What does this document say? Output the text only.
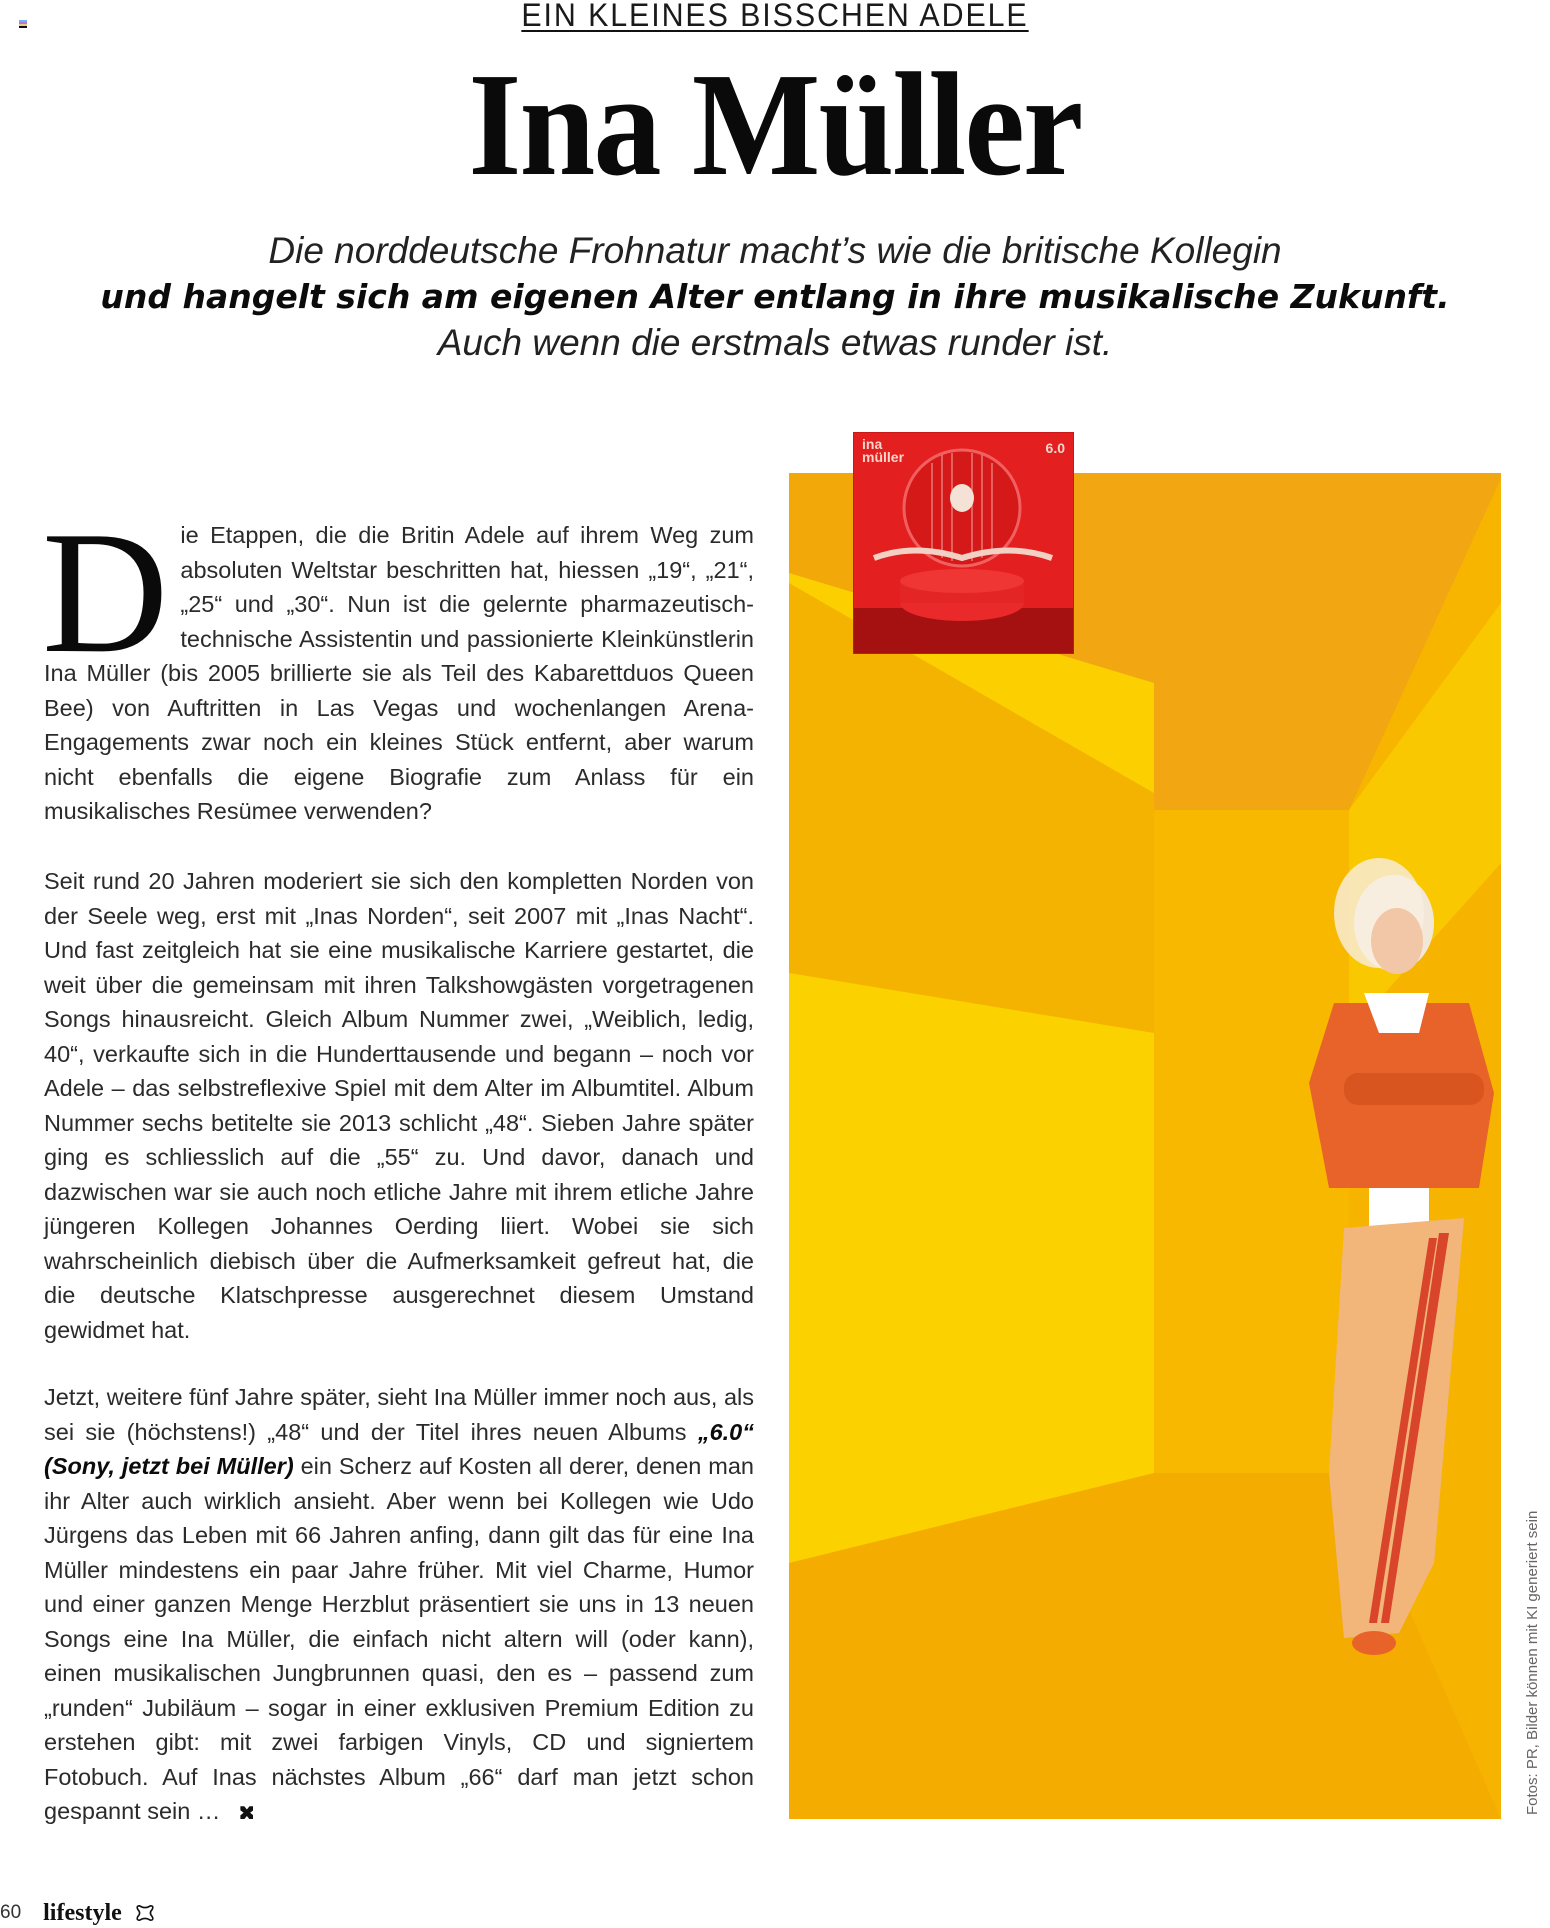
EIN KLEINES BISSCHEN ADELE
Ina Müller
Die norddeutsche Frohnatur macht’s wie die britische Kollegin
und hangelt sich am eigenen Alter entlang in ihre musikalische Zukunft.
Auch wenn die erstmals etwas runder ist.
Die Etappen, die die Britin Adele auf ihrem Weg zum absoluten Weltstar beschritten hat, hiessen „19“, „21“, „25“ und „30“. Nun ist die gelernte pharmazeutisch-technische Assistentin und passionierte Kleinkünstlerin Ina Müller (bis 2005 brillierte sie als Teil des Kabarettduos Queen Bee) von Auftritten in Las Vegas und wochenlangen Arena-Engagements zwar noch ein kleines Stück entfernt, aber warum nicht ebenfalls die eigene Biografie zum Anlass für ein musikalisches Resümee verwenden?
Seit rund 20 Jahren moderiert sie sich den kompletten Norden von der Seele weg, erst mit „Inas Norden“, seit 2007 mit „Inas Nacht“. Und fast zeitgleich hat sie eine musikalische Karriere gestartet, die weit über die gemeinsam mit ihren Talkshowgästen vorgetragenen Songs hinausreicht. Gleich Album Nummer zwei, „Weiblich, ledig, 40“, verkaufte sich in die Hunderttausende und begann – noch vor Adele – das selbstreflexive Spiel mit dem Alter im Albumtitel. Album Nummer sechs betitelte sie 2013 schlicht „48“. Sieben Jahre später ging es schliesslich auf die „55“ zu. Und davor, danach und dazwischen war sie auch noch etliche Jahre mit ihrem etliche Jahre jüngeren Kollegen Johannes Oerding liiert. Wobei sie sich wahrscheinlich diebisch über die Aufmerksamkeit gefreut hat, die die deutsche Klatschpresse ausgerechnet diesem Umstand gewidmet hat.
Jetzt, weitere fünf Jahre später, sieht Ina Müller immer noch aus, als sei sie (höchstens!) „48“ und der Titel ihres neuen Albums „6.0“ (Sony, jetzt bei Müller) ein Scherz auf Kosten all derer, denen man ihr Alter auch wirklich ansieht. Aber wenn bei Kollegen wie Udo Jürgens das Leben mit 66 Jahren anfing, dann gilt das für eine Ina Müller mindestens ein paar Jahre früher. Mit viel Charme, Humor und einer ganzen Menge Herzblut präsentiert sie uns in 13 neuen Songs eine Ina Müller, die einfach nicht altern will (oder kann), einen musikalischen Jungbrunnen quasi, den es – passend zum „runden“ Jubiläum – sogar in einer exklusiven Premium Edition zu erstehen gibt: mit zwei farbigen Vinyls, CD und signiertem Fotobuch. Auf Inas nächstes Album „66“ darf man jetzt schon gespannt sein …
ina
müller
6.0
Fotos: PR, Bilder können mit KI generiert sein
60 lifestyle
